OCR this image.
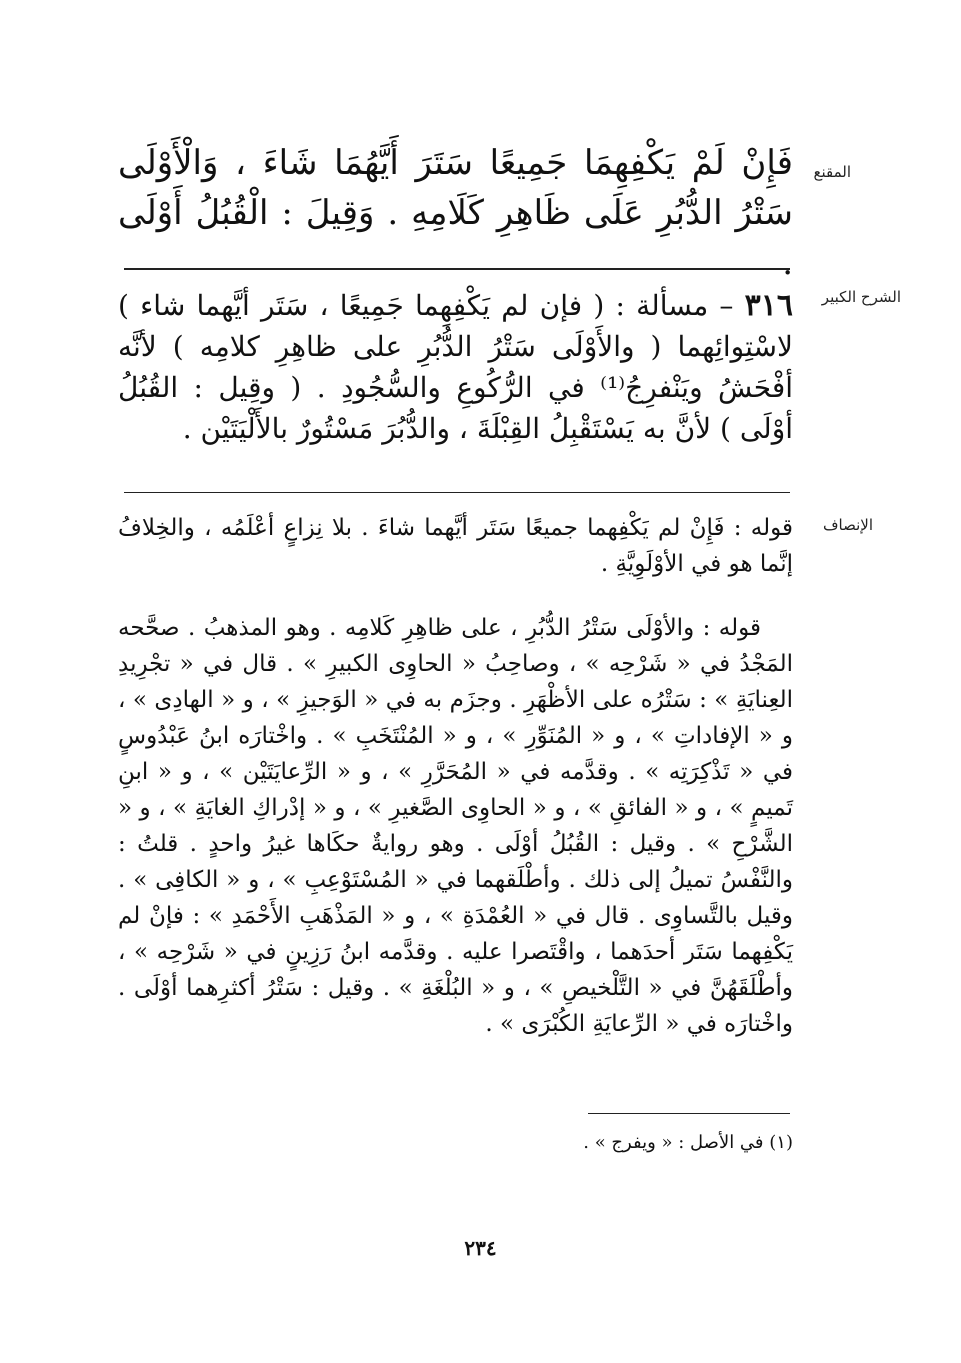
المقنع

فَإِنْ لَمْ يَكْفِهِمَا جَمِيعًا سَتَرَ أَيَّهُمَا شَاءَ ، وَالْأَوْلَى سَتْرُ الدُّبُرِ عَلَى ظَاهِرِ كَلَامِهِ . وَقِيلَ : الْقُبُلُ أَوْلَى .

الشرح الكبير

٣١٦ – مسألة : ( فإن لم يَكْفِهِما جَمِيعًا ، سَتَر أيَّهما شاء ) لاسْتِوائِهما ( والأَوْلَى سَتْرُ الدُّبُرِ على ظاهِرِ كلامِه ) لأنَّه أفْحَشُ ويَنْفرِجُ⁽¹⁾ في الرُّكُوعِ والسُّجُودِ . ( وقِيل : القُبُلُ أوْلَى ) لأنَّ به يَسْتَقْبِلُ القِبْلَةَ ، والدُّبُرَ مَسْتُورٌ بالأَلْيَتَيْن .

الإنصاف

قوله : فَإِنْ لم يَكْفِهما جميعًا سَتَر أيَّهما شاءَ . بلا نِزاعٍ أعْلَمُه ، والخِلافُ إنَّما هو في الأوْلَوِيَّةِ .

قوله : والأوْلَى سَتْرُ الدُّبُرِ ، على ظاهِرِ كَلامِه . وهو المذهبُ . صحَّحه المَجْدُ في « شَرْحِه » ، وصاحِبُ « الحاوِى الكبيرِ » . قال في « تجْرِيدِ العِنايَةِ » : سَتْرُه على الأظْهَرِ . وجزَم به في « الوَجيزِ » ، و « الهادِى » ، و « الإفاداتِ » ، و « المُنَوِّرِ » ، و « المُنْتَخَبِ » . واخْتارَه ابنُ عَبْدُوسٍ في « تَذْكِرَتِه » . وقدَّمه في « المُحَرَّرِ » ، و « الرِّعايَتَيْن » ، و « ابنِ تَميمٍ » ، و « الفائقِ » ، و « الحاوِى الصَّغيرِ » ، و « إدْراكِ الغايَةِ » ، و « الشَّرْحِ » . وقيل : القُبُلُ أوْلَى . وهو روايةٌ حكَاها غيرُ واحدٍ . قلتُ : والنَّفْسُ تميلُ إلى ذلك . وأطْلَقهما في « المُسْتَوْعِبِ » ، و « الكافِى » . وقيل بالتَّساوِى . قال في « العُمْدَةِ » ، و « المَذْهَبِ الأَحْمَدِ » : فإنْ لم يَكْفِهما سَتَر أحدَهما ، واقْتَصرا عليه . وقدَّمه ابنُ رَزِينٍ في « شَرْحِه » ، وأطْلَقَهُنَّ في « التَّلْخيصِ » ، و « البُلْغَةِ » . وقيل : سَتْرُ أكثرِهما أوْلَى . واخْتارَه في « الرِّعايَةِ الكُبْرَى » .

(١) في الأصل : « ويفرج » .

٢٣٤
